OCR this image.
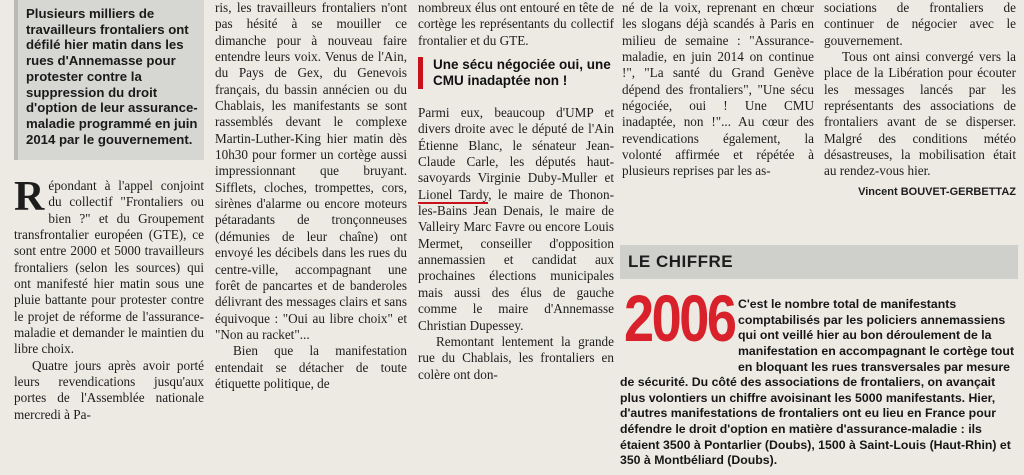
Plusieurs milliers de travailleurs frontaliers ont défilé hier matin dans les rues d'Annemasse pour protester contre la suppression du droit d'option de leur assurance-maladie programmé en juin 2014 par le gouvernement.

Répondant à l'appel conjoint du collectif "Frontaliers ou bien ?" et du Groupement transfrontalier européen (GTE), ce sont entre 2000 et 5000 travailleurs frontaliers (selon les sources) qui ont manifesté hier matin sous une pluie battante pour protester contre le projet de réforme de l'assurance-maladie et demander le maintien du libre choix.

Quatre jours après avoir porté leurs revendications jusqu'aux portes de l'Assemblée nationale mercredi à Pa-

ris, les travailleurs frontaliers n'ont pas hésité à se mouiller ce dimanche pour à nouveau faire entendre leurs voix. Venus de l'Ain, du Pays de Gex, du Genevois français, du bassin annécien ou du Chablais, les manifestants se sont rassemblés devant le complexe Martin-Luther-King hier matin dès 10h30 pour former un cortège aussi impressionnant que bruyant. Sifflets, cloches, trompettes, cors, sirènes d'alarme ou encore moteurs pétaradants de tronçonneuses (démunies de leur chaîne) ont envoyé les décibels dans les rues du centre-ville, accompagnant une forêt de pancartes et de banderoles délivrant des messages clairs et sans équivoque : "Oui au libre choix" et "Non au racket"...

Bien que la manifestation entendait se détacher de toute étiquette politique, de

nombreux élus ont entouré en tête de cortège les représentants du collectif frontalier et du GTE.

Une sécu négociée oui, une CMU inadaptée non !

Parmi eux, beaucoup d'UMP et divers droite avec le député de l'Ain Étienne Blanc, le sénateur Jean-Claude Carle, les députés haut-savoyards Virginie Duby-Muller et Lionel Tardy, le maire de Thonon-les-Bains Jean Denais, le maire de Valleiry Marc Favre ou encore Louis Mermet, conseiller d'opposition annemassien et candidat aux prochaines élections municipales mais aussi des élus de gauche comme le maire d'Annemasse Christian Dupessey.

Remontant lentement la grande rue du Chablais, les frontaliers en colère ont don-

né de la voix, reprenant en chœur les slogans déjà scandés à Paris en milieu de semaine : "Assurance-maladie, en juin 2014 on continue !", "La santé du Grand Genève dépend des frontaliers", "Une sécu négociée, oui ! Une CMU inadaptée, non !"... Au cœur des revendications également, la volonté affirmée et répétée à plusieurs reprises par les as-

sociations de frontaliers de continuer de négocier avec le gouvernement.

Tous ont ainsi convergé vers la place de la Libération pour écouter les messages lancés par les représentants des associations de frontaliers avant de se disperser. Malgré des conditions météo désastreuses, la mobilisation était au rendez-vous hier.

Vincent BOUVET-GERBETTAZ

LE CHIFFRE
2006 C'est le nombre total de manifestants comptabilisés par les policiers annemassiens qui ont veillé hier au bon déroulement de la manifestation en accompagnant le cortège tout en bloquant les rues transversales par mesure de sécurité. Du côté des associations de frontaliers, on avançait plus volontiers un chiffre avoisinant les 5000 manifestants. Hier, d'autres manifestations de frontaliers ont eu lieu en France pour défendre le droit d'option en matière d'assurance-maladie : ils étaient 3500 à Pontarlier (Doubs), 1500 à Saint-Louis (Haut-Rhin) et 350 à Montbéliard (Doubs).
